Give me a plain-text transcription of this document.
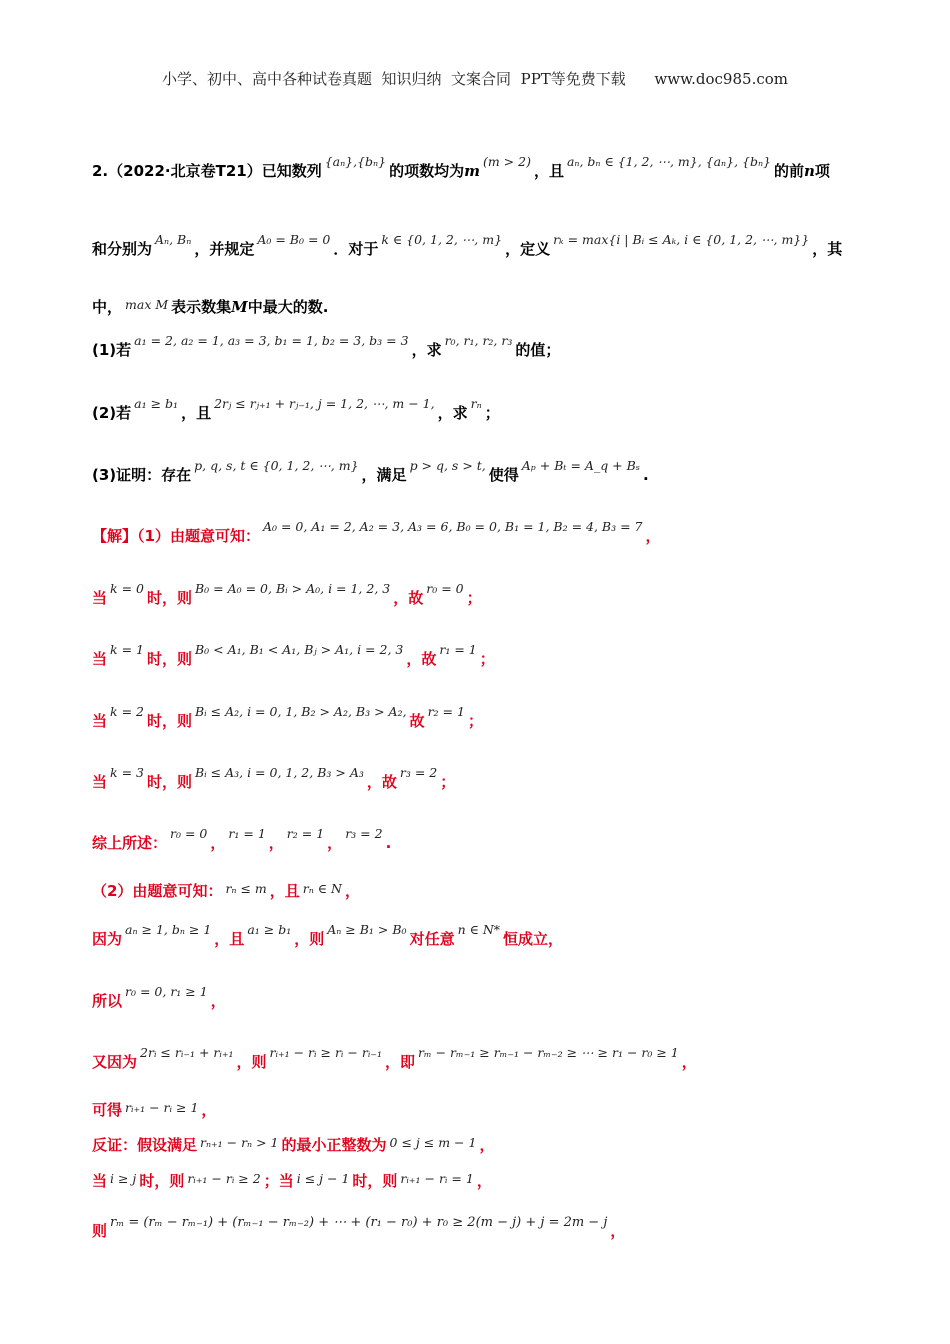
小学、初中、高中各种试卷真题  知识归纳  文案合同  PPT等免费下载      www.doc985.com
2.（2022·北京卷T21）已知数列$^{\{a_n\},\{b_n\}}$的项数均为$m^{(m > 2)}$，且$^{a_n, b_n \in \{1, 2, \cdots, m\}, \{a_n\}, \{b_n\}}$的前n项
和分别为$^{A_n, B_n}$，并规定$^{A_0 = B_0 = 0}$．对于$^{k \in \{0, 1, 2, \cdots, m\}}$，定义$^{r_k = max\{i | Bᵢ \le A_k, i \in \{0, 1, 2, \cdots, m\}\}}$，其
中， $^{max M}$ 表示数集M中最大的数.
(1)若$^{a_1 = 2, a_2 = 1, a_3 = 3, b_1 = 1, b_2 = 3, b_3 = 3}$，求$^{r_0, r_1, r_2, r_3}$的值；
(2)若$^{a_1 \ge b_1}$，且$^{2rⱼ \le rⱼ_{+1} + rⱼ_{-1}, j = 1, 2, \cdots, m - 1,}$，求$^{r_n}$；
(3)证明：存在$^{p, q, s, t \in \{0, 1, 2, \cdots, m\}}$，满足$^{p > q, s > t,}$使得$^{A_p + B_t = A\_q + B_s}$.
【解】（1）由题意可知：$^{A_0 = 0, A_1 = 2, A_2 = 3, A_3 = 6, B_0 = 0, B_1 = 1, B_2 = 4, B_3 = 7}$，
当$^{k = 0}$时，则$^{B_0 = A_0 = 0, Bᵢ > A_0, i = 1, 2, 3}$，故$^{r_0 = 0}$；
当$^{k = 1}$时，则$^{B_0 < A_1, B_1 < A_1, Bⱼ > A_1, i = 2, 3}$，故$^{r_1 = 1}$；
当$^{k = 2}$时，则$^{Bᵢ \le A_2, i = 0, 1, B_2 > A_2, B_3 > A_2,}$故$^{r_2 = 1}$；
当$^{k = 3}$时，则$^{Bᵢ \le A_3, i = 0, 1, 2, B_3 > A_3}$，故$^{r_3 = 2}$；
综上所述：$^{r_0 = 0}$，$^{r_1 = 1}$，$^{r_2 = 1}$，$^{r_3 = 2}$.
（2）由题意可知： $^{r_n \le m}$ ，且 $^{r_n \in N}$ ，
因为$^{a_n \ge 1, b_n \ge 1}$，且$^{a_1 \ge b_1}$，则$^{A_n \ge B_1 > B_0}$对任意$^{n \in N*}$恒成立，
所以$^{r_0 = 0, r_1 \ge 1}$，
又因为$^{2rᵢ \le rᵢ_{-1} + rᵢ_{+1}}$，则$^{rᵢ_{+1} - rᵢ \ge rᵢ - rᵢ_{-1}}$，即$^{r_m - r_{m-1} \ge r_{m-1} - r_{m-2} \ge \cdots \ge r_1 - r_0 \ge 1}$，
可得 $^{rᵢ_{+1} - rᵢ \ge 1}$ ，
反证：假设满足 $^{r_{n+1} - r_n > 1}$ 的最小正整数为 $^{0 \le j \le m - 1}$ ，
当 $^{i \ge j}$ 时，则 $^{rᵢ_{+1} - rᵢ \ge 2}$ ；当 $^{i \le j - 1}$ 时，则 $^{rᵢ_{+1} - rᵢ = 1}$ ，
则 rₘ = (rₘ − rₘ₋₁) + (rₘ₋₁ − rₘ₋₂) + ⋯ + (r₁ − r₀) + r₀ ≥ 2(m − j) + j = 2m − j ，
